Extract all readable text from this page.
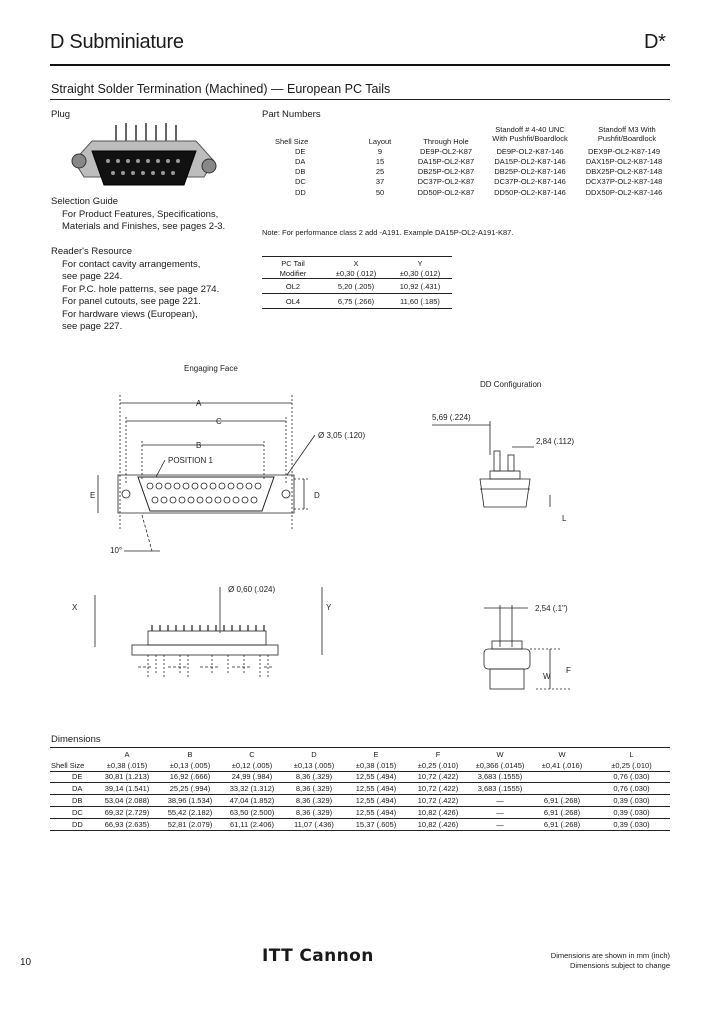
D Subminiature	D*
Straight Solder Termination (Machined) — European PC Tails
Plug
Selection Guide
For Product Features, Specifications,
Materials and Finishes, see pages 2-3.
Reader's Resource
For contact cavity arrangements,
see page 224.
For P.C. hole patterns, see page 274.
For panel cutouts, see page 221.
For hardware views (European),
see page 227.
Part Numbers
Standoff # 4-40 UNC
With Pushfit/Boardlock
Standoff M3 With
Pushfit/Boardlock
Shell Size	Layout	Through Hole		
DE	9	DE9P-OL2-K87	DE9P-OL2-K87-146	DEX9P-OL2-K87-149
DA	15	DA15P-OL2-K87	DA15P-OL2-K87-146	DAX15P-OL2-K87-148
DB	25	DB25P-OL2-K87	DB25P-OL2-K87-146	DBX25P-OL2-K87-148
DC	37	DC37P-OL2-K87	DC37P-OL2-K87-146	DCX37P-OL2-K87-148
DD	50	DD50P-OL2-K87	DD50P-OL2-K87-146	DDX50P-OL2-K87-146
Note: For performance class 2 add -A191. Example DA15P-OL2-A191-K87.
PC Tail	X	Y
Modifier	±0,30 (.012)	±0,30 (.012)
OL2	5,20 (.205)	10,92 (.431)
OL4	6,75 (.266)	11,60 (.185)
Engaging Face
DD Configuration
A
C
B
Ø 3,05 (.120)
POSITION 1
E	D
10°
Ø 0,60 (.024)
X	Y
5,69 (.224)
2,84 (.112)
L
2,54 (.1")
F
W
Dimensions
	A	B	C	D	E	F	W	W	L
Shell Size	±0,38 (.015)	±0,13 (.005)	±0,12 (.005)	±0,13 (.005)	±0,38 (.015)	±0,25 (.010)	±0,366 (.0145)	±0,41 (.016)	±0,25 (.010)
DE	30,81 (1.213)	16,92 (.666)	24,99 (.984)	8,36 (.329)	12,55 (.494)	10,72 (.422)	3,683 (.1555)		0,76 (.030)
DA	39,14 (1.541)	25,25 (.994)	33,32 (1.312)	8,36 (.329)	12,55 (.494)	10,72 (.422)	3,683 (.1555)		0,76 (.030)
DB	53,04 (2.088)	38,96 (1.534)	47,04 (1.852)	8,36 (.329)	12,55 (.494)	10,72 (.422)	—	6,91 (.268)	0,39 (.030)
DC	69,32 (2.729)	55,42 (2.182)	63,50 (2.500)	8,36 (.329)	12,55 (.494)	10,82 (.426)	—	6,91 (.268)	0,39 (.030)
DD	66,93 (2.635)	52,81 (2.079)	61,11 (2.406)	11,07 (.436)	15,37 (.605)	10,82 (.426)	—	6,91 (.268)	0,39 (.030)
10	ITT Cannon	Dimensions are shown in mm (inch)
Dimensions subject to change
